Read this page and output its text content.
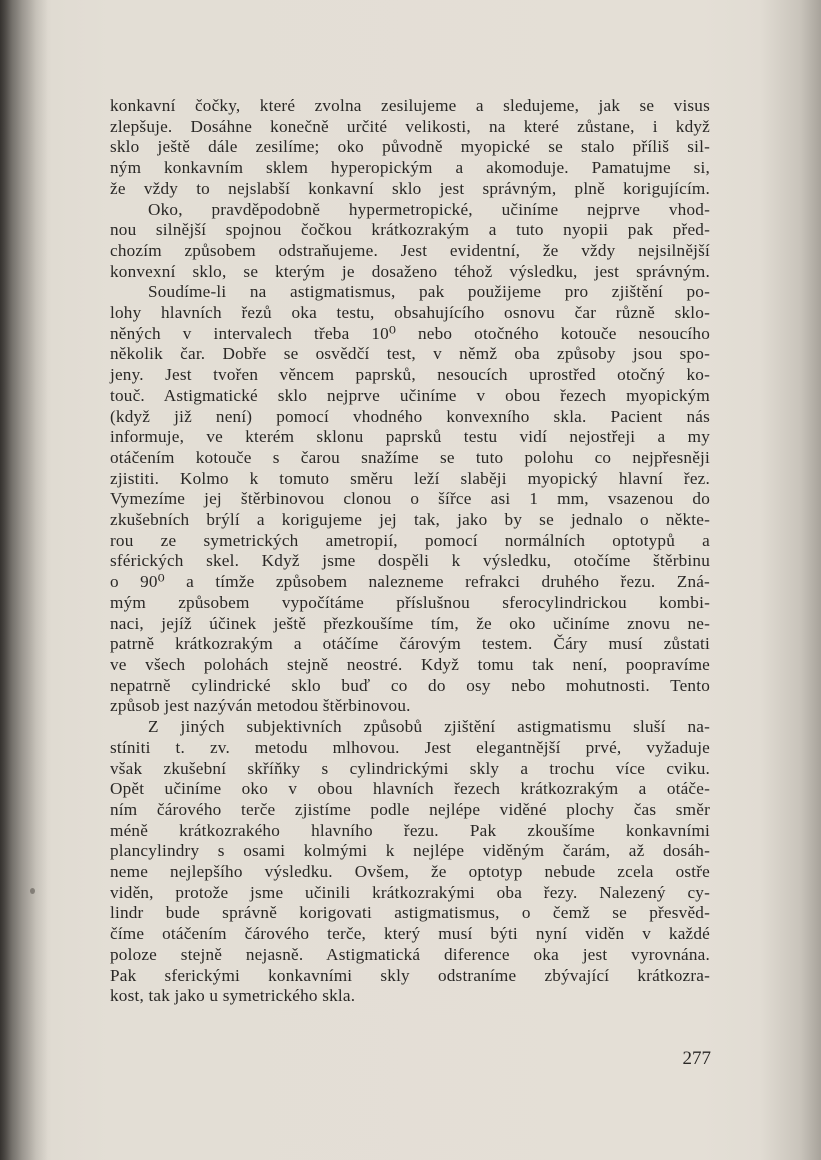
konkavní čočky, které zvolna zesilujeme a sledujeme, jak se visus
zlepšuje. Dosáhne konečně určité velikosti, na které zůstane, i když
sklo ještě dále zesilíme; oko původně myopické se stalo příliš sil-
ným konkavním sklem hyperopickým a akomoduje. Pamatujme si,
že vždy to nejslabší konkavní sklo jest správným, plně korigujícím.
Oko, pravděpodobně hypermetropické, učiníme nejprve vhod-
nou silnější spojnou čočkou krátkozrakým a tuto nyopii pak před-
chozím způsobem odstraňujeme. Jest evidentní, že vždy nejsilnější
konvexní sklo, se kterým je dosaženo téhož výsledku, jest správným.
Soudíme-li na astigmatismus, pak použijeme pro zjištění po-
lohy hlavních řezů oka testu, obsahujícího osnovu čar různě sklo-
něných v intervalech třeba 10⁰ nebo otočného kotouče nesoucího
několik čar. Dobře se osvědčí test, v němž oba způsoby jsou spo-
jeny. Jest tvořen věncem paprsků, nesoucích uprostřed otočný ko-
touč. Astigmatické sklo nejprve učiníme v obou řezech myopickým
(když již není) pomocí vhodného konvexního skla. Pacient nás
informuje, ve kterém sklonu paprsků testu vidí nejostřeji a my
otáčením kotouče s čarou snažíme se tuto polohu co nejpřesněji
zjistiti. Kolmo k tomuto směru leží slaběji myopický hlavní řez.
Vymezíme jej štěrbinovou clonou o šířce asi 1 mm, vsazenou do
zkušebních brýlí a korigujeme jej tak, jako by se jednalo o někte-
rou ze symetrických ametropií, pomocí normálních optotypů a
sférických skel. Když jsme dospěli k výsledku, otočíme štěrbinu
o 90⁰ a tímže způsobem nalezneme refrakci druhého řezu. Zná-
mým způsobem vypočítáme příslušnou sferocylindrickou kombi-
naci, jejíž účinek ještě přezkoušíme tím, že oko učiníme znovu ne-
patrně krátkozrakým a otáčíme čárovým testem. Čáry musí zůstati
ve všech polohách stejně neostré. Když tomu tak není, poopravíme
nepatrně cylindrické sklo buď co do osy nebo mohutnosti. Tento
způsob jest nazýván metodou štěrbinovou.
Z jiných subjektivních způsobů zjištění astigmatismu sluší na-
stíniti t. zv. metodu mlhovou. Jest elegantnější prvé, vyžaduje
však zkušební skříňky s cylindrickými skly a trochu více cviku.
Opět učiníme oko v obou hlavních řezech krátkozrakým a otáče-
ním čárového terče zjistíme podle nejlépe viděné plochy čas směr
méně krátkozrakého hlavního řezu. Pak zkoušíme konkavními
plancylindry s osami kolmými k nejlépe viděným čarám, až dosáh-
neme nejlepšího výsledku. Ovšem, že optotyp nebude zcela ostře
viděn, protože jsme učinili krátkozrakými oba řezy. Nalezený cy-
lindr bude správně korigovati astigmatismus, o čemž se přesvěd-
číme otáčením čárového terče, který musí býti nyní viděn v každé
poloze stejně nejasně. Astigmatická diference oka jest vyrovnána.
Pak sferickými konkavními skly odstraníme zbývající krátkozra-
kost, tak jako u symetrického skla.
277
